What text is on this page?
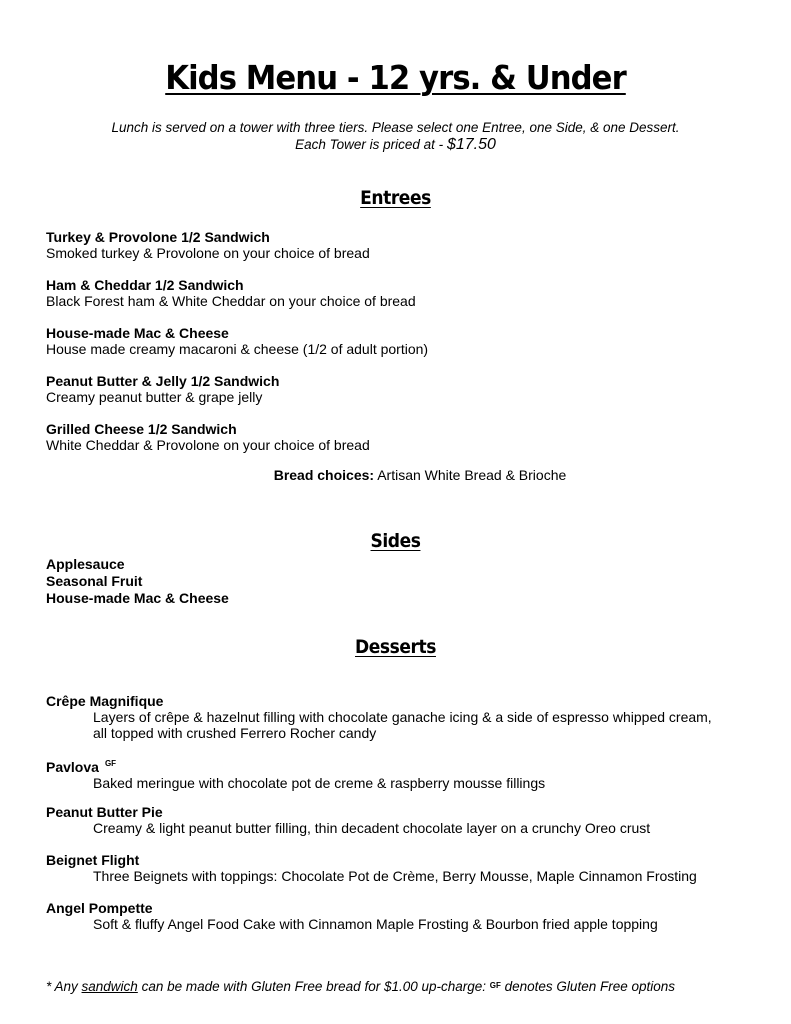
Kids Menu - 12 yrs. & Under
Lunch is served on a tower with three tiers. Please select one Entree, one Side, & one Dessert.
Each Tower is priced at - $17.50
Entrees
Turkey & Provolone 1/2 Sandwich
Smoked turkey & Provolone on your choice of bread
Ham & Cheddar 1/2 Sandwich
Black Forest ham & White Cheddar on your choice of bread
House-made Mac & Cheese
House made creamy macaroni & cheese (1/2 of adult portion)
Peanut Butter & Jelly 1/2 Sandwich
Creamy peanut butter & grape jelly
Grilled Cheese 1/2 Sandwich
White Cheddar & Provolone on your choice of bread
Bread choices: Artisan White Bread & Brioche
Sides
Applesauce
Seasonal Fruit
House-made Mac & Cheese
Desserts
Crêpe Magnifique
Layers of crêpe & hazelnut filling with chocolate ganache icing & a side of espresso whipped cream,
all topped with crushed Ferrero Rocher candy
Pavlova $^{GF}$
Baked meringue with chocolate pot de creme & raspberry mousse fillings
Peanut Butter Pie
Creamy & light peanut butter filling, thin decadent chocolate layer on a crunchy Oreo crust
Beignet Flight
Three Beignets with toppings: Chocolate Pot de Crème, Berry Mousse, Maple Cinnamon Frosting
Angel Pompette
Soft & fluffy Angel Food Cake with Cinnamon Maple Frosting & Bourbon fried apple topping
* Any sandwich can be made with Gluten Free bread for $1.00 up-charge: $^{GF}$ denotes Gluten Free options
